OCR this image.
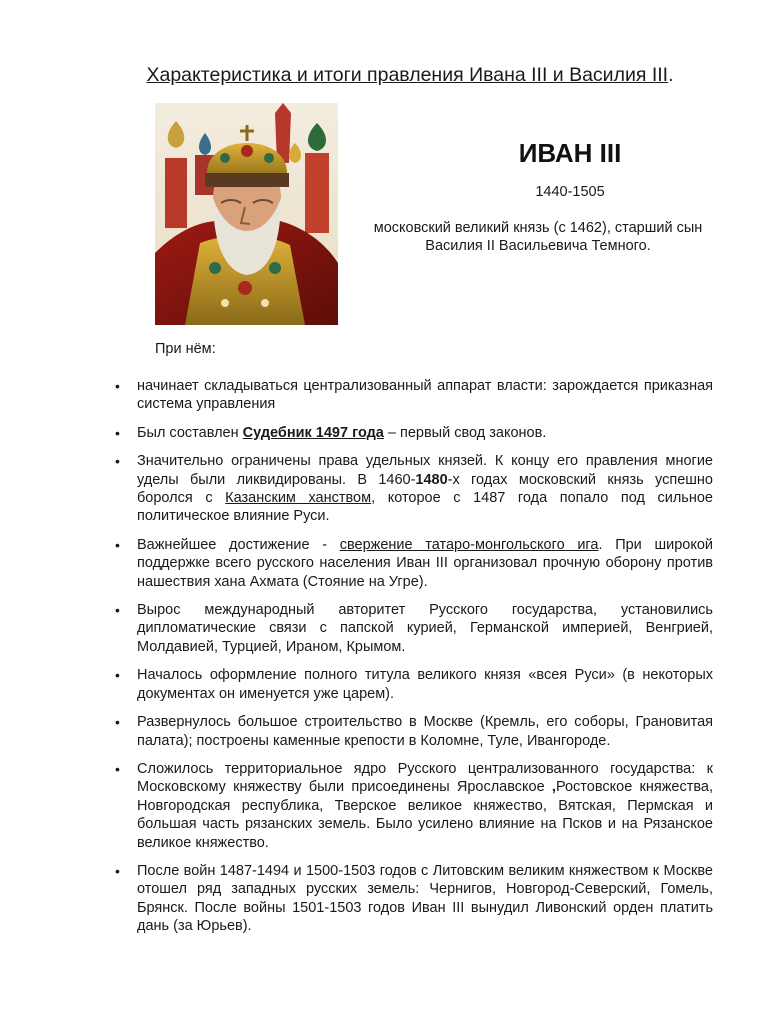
Характеристика и итоги правления Ивана III и Василия III.
ИВАН III
1440-1505
московский великий князь (с 1462), старший сын Василия II Васильевича Темного.
При нём:
• начинает складываться централизованный аппарат власти: зарождается приказная система управления
• Был составлен Судебник 1497 года – первый свод законов.
• Значительно ограничены права удельных князей. К концу его правления многие уделы были ликвидированы. В 1460-1480-х годах московский князь успешно боролся с Казанским ханством, которое с 1487 года попало под сильное политическое влияние Руси.
• Важнейшее достижение - свержение татаро-монгольского ига. При широкой поддержке всего русского населения Иван III организовал прочную оборону против нашествия хана Ахмата (Стояние на Угре).
• Вырос международный авторитет Русского государства, установились дипломатические связи с папской курией, Германской империей, Венгрией, Молдавией, Турцией, Ираном, Крымом.
• Началось оформление полного титула великого князя «всея Руси» (в некоторых документах он именуется уже царем).
• Развернулось большое строительство в Москве (Кремль, его соборы, Грановитая палата); построены каменные крепости в Коломне, Туле, Ивангороде.
• Сложилось территориальное ядро Русского централизованного государства: к Московскому княжеству были присоединены Ярославское ,Ростовское княжества, Новгородская республика, Тверское великое княжество, Вятская, Пермская и большая часть рязанских земель. Было усилено влияние на Псков и на Рязанское великое княжество.
• После войн 1487-1494 и 1500-1503 годов с Литовским великим княжеством к Москве отошел ряд западных русских земель: Чернигов, Новгород-Северский, Гомель, Брянск. После войны 1501-1503 годов Иван III вынудил Ливонский орден платить дань (за Юрьев).
